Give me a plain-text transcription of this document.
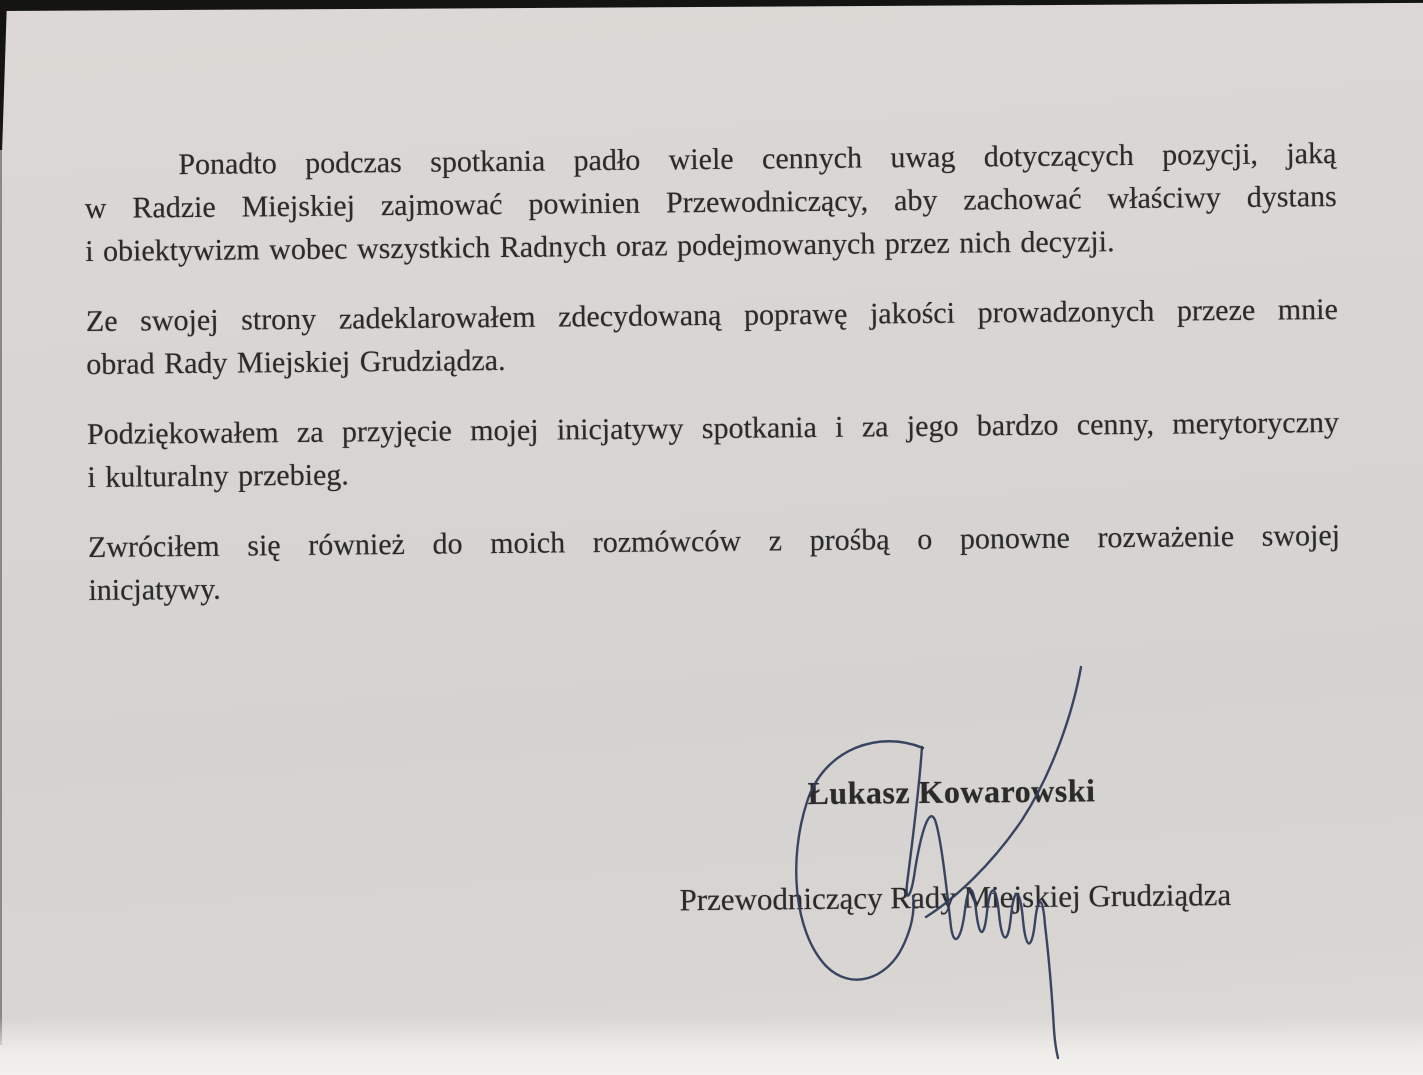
Ponadto podczas spotkania padło wiele cennych uwag dotyczących pozycji, jaką
w Radzie Miejskiej zajmować powinien Przewodniczący, aby zachować właściwy dystans
i obiektywizm wobec wszystkich Radnych oraz podejmowanych przez nich decyzji.
Ze swojej strony zadeklarowałem zdecydowaną poprawę jakości prowadzonych przeze mnie
obrad Rady Miejskiej Grudziądza.
Podziękowałem za przyjęcie mojej inicjatywy spotkania i za jego bardzo cenny, merytoryczny
i kulturalny przebieg.
Zwróciłem się również do moich rozmówców z prośbą o ponowne rozważenie swojej
inicjatywy.
Łukasz Kowarowski
Przewodniczący Rady Miejskiej Grudziądza
